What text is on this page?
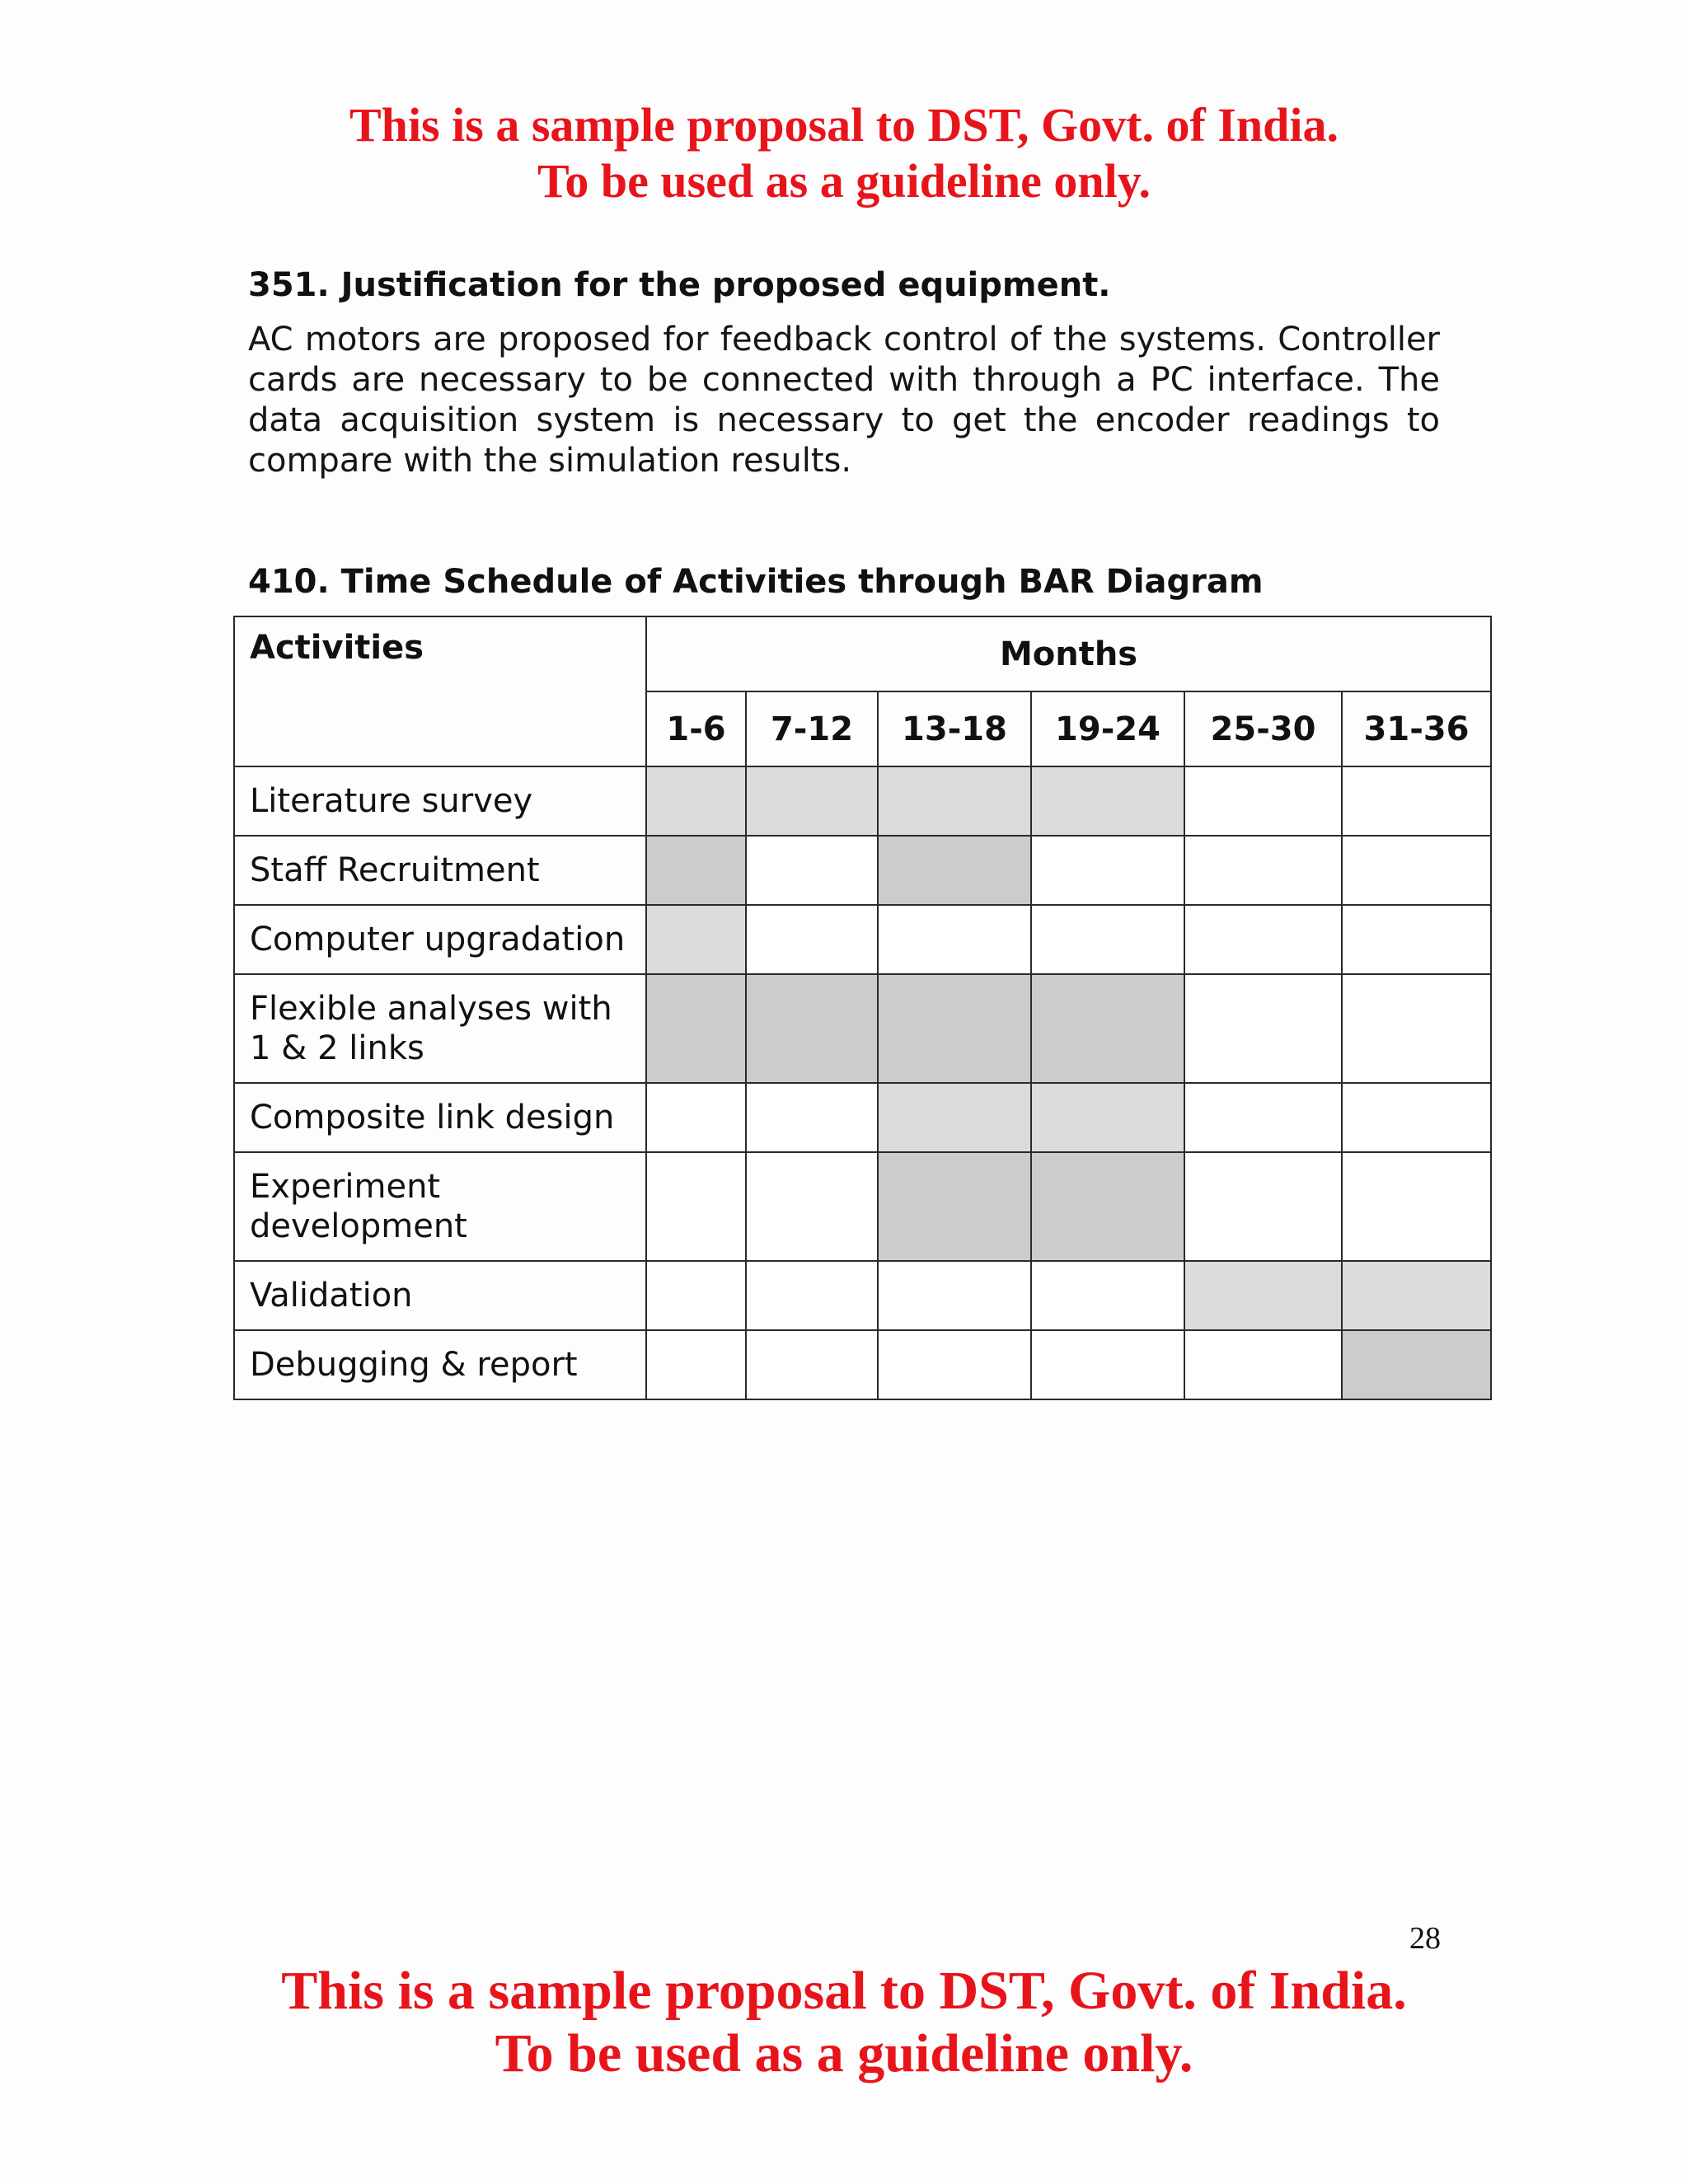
This is a sample proposal to DST, Govt. of India.
To be used as a guideline only.
351. Justification for the proposed equipment.
AC motors are proposed for feedback control of the systems. Controller cards are necessary to be connected with through a PC interface. The data acquisition system is necessary to get the encoder readings to compare with the simulation results.
410. Time Schedule of Activities through BAR Diagram
Activities	Months					
	1-6	7-12	13-18	19-24	25-30	31-36
Literature survey						
Staff Recruitment						
Computer upgradation						
Flexible analyses with 1 & 2 links						
Composite link design						
Experiment development						
Validation						
Debugging & report						
28
This is a sample proposal to DST, Govt. of India.
To be used as a guideline only.
